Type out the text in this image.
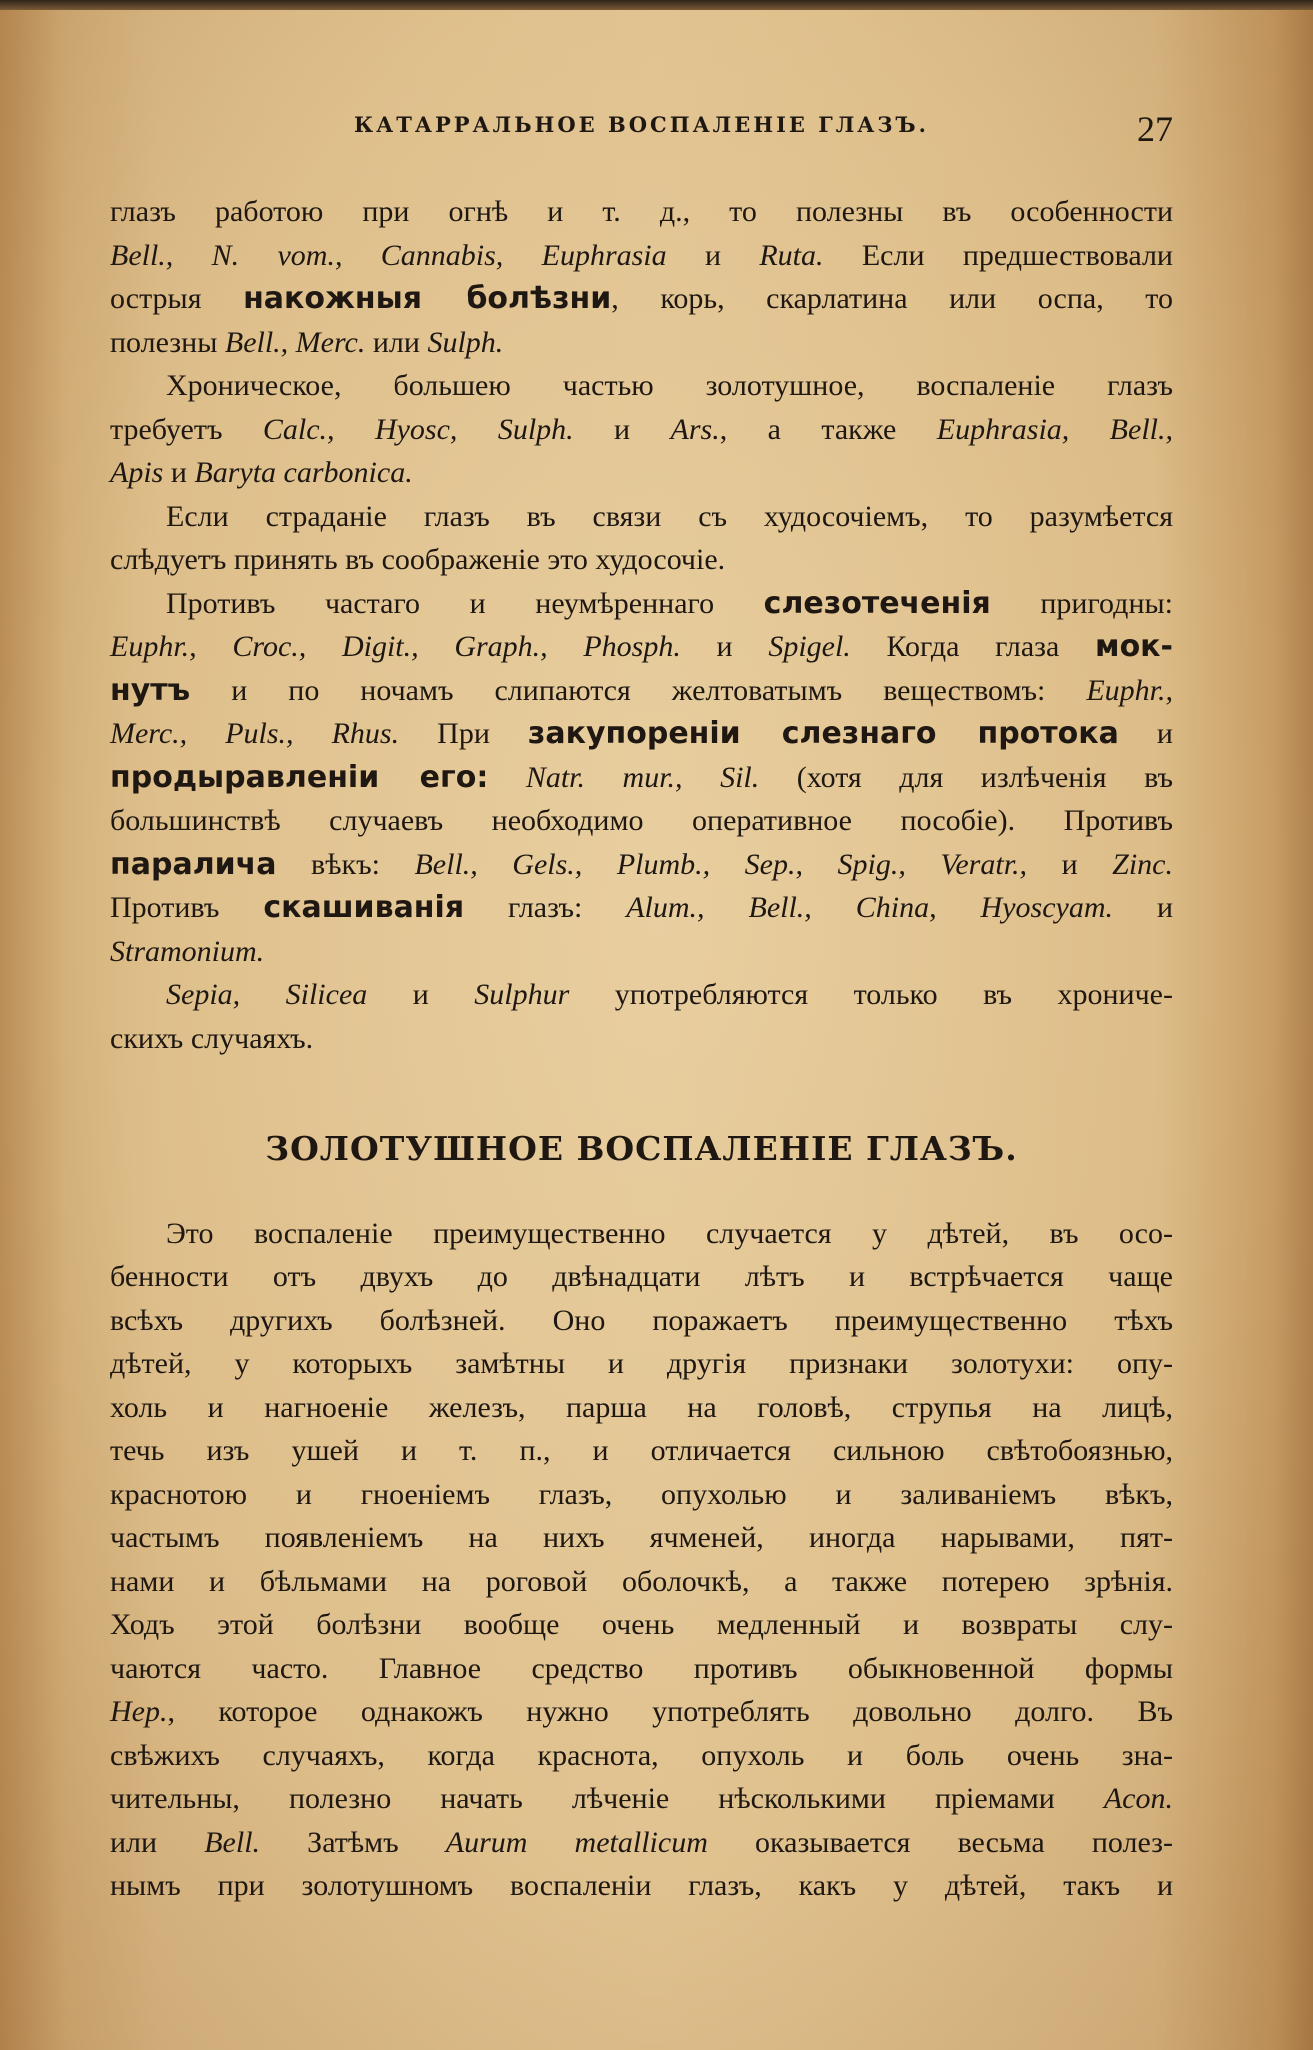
КАТАРРАЛЬНОЕ ВОСПАЛЕНІЕ ГЛАЗЪ.	27
глазъ работою при огнѣ и т. д., то полезны въ особенности
Bell., N. vom., Cannabis, Euphrasia и Ruta. Если предшествовали
острыя накожныя болѣзни, корь, скарлатина или оспа, то
полезны Bell., Merc. или Sulph.
Хроническое, большею частью золотушное, воспаленіе глазъ
требуетъ Calc., Hyosc, Sulph. и Ars., а также Euphrasia, Bell.,
Apis и Baryta carbonica.
Если страданіе глазъ въ связи съ худосочіемъ, то разумѣется
слѣдуетъ принять въ соображеніе это худосочіе.
Противъ частаго и неумѣреннаго слезотеченія пригодны:
Euphr., Croc., Digit., Graph., Phosph. и Spigel. Когда глаза мок-
нутъ и по ночамъ слипаются желтоватымъ веществомъ: Euphr.,
Merc., Puls., Rhus. При закупореніи слезнаго протока и
продыравленіи его: Natr. mur., Sil. (хотя для излѣченія въ
большинствѣ случаевъ необходимо оперативное пособіе). Противъ
паралича вѣкъ: Bell., Gels., Plumb., Sep., Spig., Veratr., и Zinc.
Противъ скашиванія глазъ: Alum., Bell., China, Hyoscyam. и
Stramonium.
Sepia, Silicea и Sulphur употребляются только въ хрониче-
скихъ случаяхъ.
ЗОЛОТУШНОЕ ВОСПАЛЕНІЕ ГЛАЗЪ.
Это воспаленіе преимущественно случается у дѣтей, въ осо-
бенности отъ двухъ до двѣнадцати лѣтъ и встрѣчается чаще
всѣхъ другихъ болѣзней. Оно поражаетъ преимущественно тѣхъ
дѣтей, у которыхъ замѣтны и другія признаки золотухи: опу-
холь и нагноеніе железъ, парша на головѣ, струпья на лицѣ,
течь изъ ушей и т. п., и отличается сильною свѣтобоязнью,
краснотою и гноеніемъ глазъ, опухолью и заливаніемъ вѣкъ,
частымъ появленіемъ на нихъ ячменей, иногда нарывами, пят-
нами и бѣльмами на роговой оболочкѣ, а также потерею зрѣнія.
Ходъ этой болѣзни вообще очень медленный и возвраты слу-
чаются часто. Главное средство противъ обыкновенной формы
Hep., которое однакожъ нужно употреблять довольно долго. Въ
свѣжихъ случаяхъ, когда краснота, опухоль и боль очень зна-
чительны, полезно начать лѣченіе нѣсколькими пріемами Acon.
или Bell. Затѣмъ Aurum metallicum оказывается весьма полез-
нымъ при золотушномъ воспаленіи глазъ, какъ у дѣтей, такъ и
